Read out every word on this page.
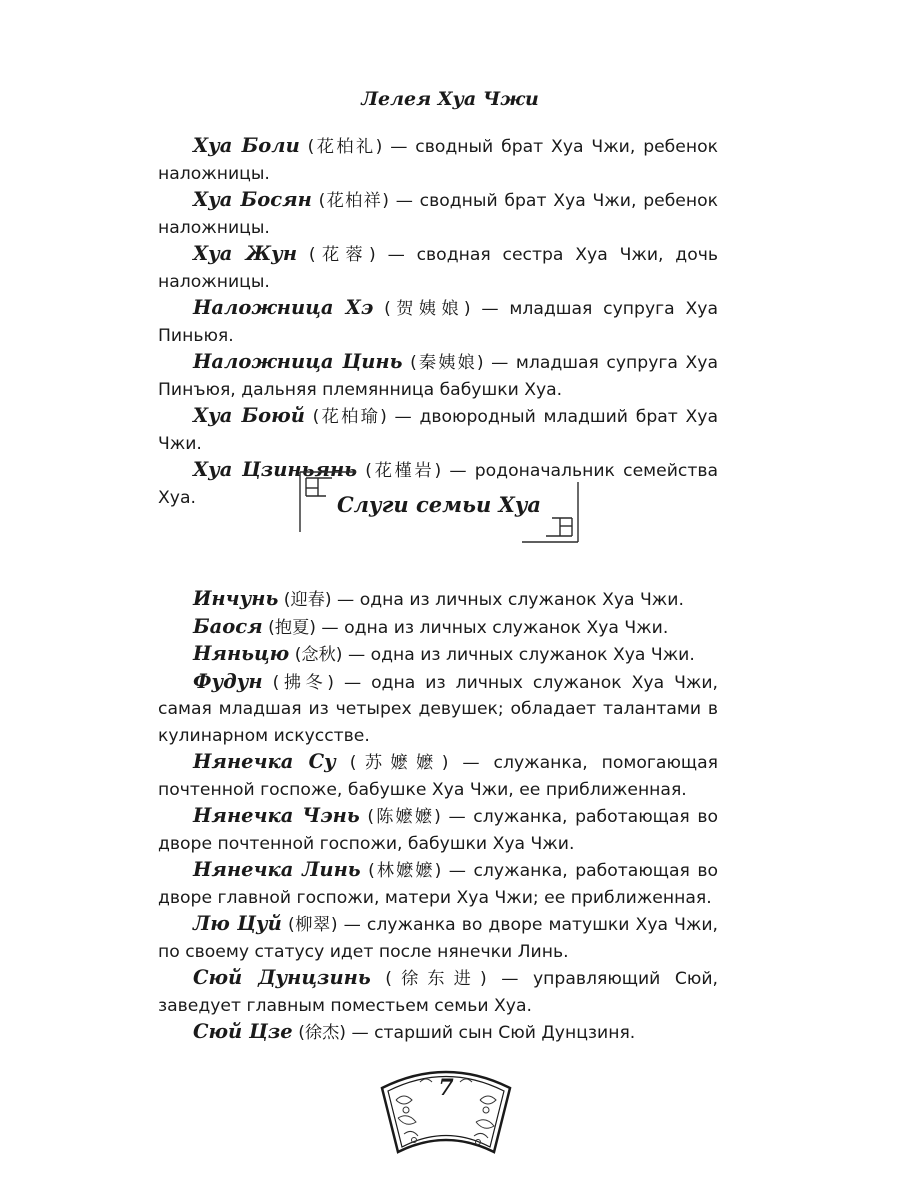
Лелея Хуа Чжи

Хуа Боли (花柏礼) — сводный брат Хуа Чжи, ребенок наложницы.

Хуа Босян (花柏祥) — сводный брат Хуа Чжи, ребенок наложницы.

Хуа Жун (花蓉) — сводная сестра Хуа Чжи, дочь наложницы.

Наложница Хэ (贺姨娘) — младшая супруга Хуа Пиньюя.

Наложница Цинь (秦姨娘) — младшая супруга Хуа Пинъюя, дальняя племянница бабушки Хуа.

Хуа Боюй (花柏瑜) — двоюродный младший брат Хуа Чжи.

Хуа Цзиньянь (花槿岩) — родоначальник семейства Хуа.	Слуги семьи Хуа

Инчунь (迎春) — одна из личных служанок Хуа Чжи.

Баося (抱夏) — одна из личных служанок Хуа Чжи.

Няньцю (念秋) — одна из личных служанок Хуа Чжи.

Фудун (拂冬) — одна из личных служанок Хуа Чжи, самая младшая из четырех девушек; обладает талантами в кулинарном искусстве.

Нянечка Су (苏嬷嬷) — служанка, помогающая почтенной госпоже, бабушке Хуа Чжи, ее приближенная.

Нянечка Чэнь (陈嬷嬷) — служанка, работающая во дворе почтенной госпожи, бабушки Хуа Чжи.

Нянечка Линь (林嬷嬷) — служанка, работающая во дворе главной госпожи, матери Хуа Чжи; ее приближенная.

Лю Цуй (柳翠) — служанка во дворе матушки Хуа Чжи, по своему статусу идет после нянечки Линь.

Сюй Дунцзинь (徐东进) — управляющий Сюй, заведует главным поместьем семьи Хуа.

Сюй Цзе (徐杰) — старший сын Сюй Дунцзиня.

7
